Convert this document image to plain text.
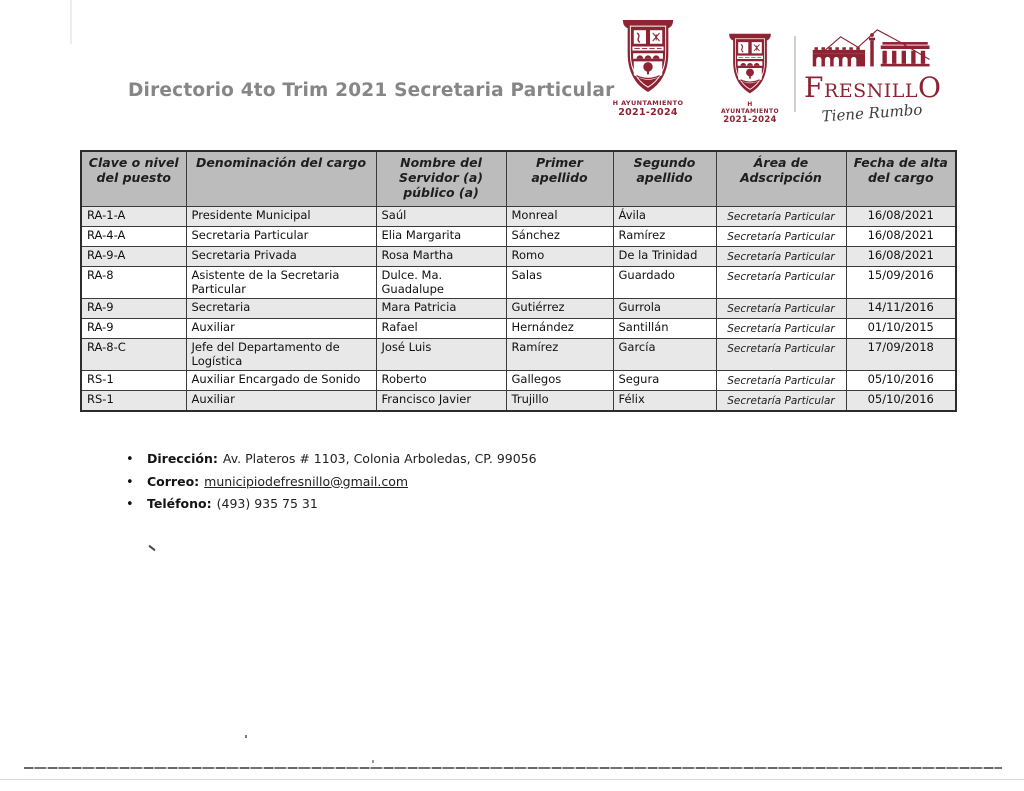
Directorio 4to Trim 2021 Secretaria Particular
H AYUNTAMIENTO
2021-2024
H AYUNTAMIENTO
2021-2024
FRESNILLO
Tiene Rumbo
Clave o nivel del puesto	Denominación del cargo	Nombre del Servidor (a) público (a)	Primer apellido	Segundo apellido	Área de Adscripción	Fecha de alta del cargo
RA-1-A	Presidente Municipal	Saúl	Monreal	Ávila	Secretaría Particular	16/08/2021
RA-4-A	Secretaria Particular	Elia Margarita	Sánchez	Ramírez	Secretaría Particular	16/08/2021
RA-9-A	Secretaria Privada	Rosa Martha	Romo	De la Trinidad	Secretaría Particular	16/08/2021
RA-8	Asistente de la Secretaria Particular	Dulce. Ma. Guadalupe	Salas	Guardado	Secretaría Particular	15/09/2016
RA-9	Secretaria	Mara Patricia	Gutiérrez	Gurrola	Secretaría Particular	14/11/2016
RA-9	Auxiliar	Rafael	Hernández	Santillán	Secretaría Particular	01/10/2015
RA-8-C	Jefe del Departamento de Logística	José Luis	Ramírez	García	Secretaría Particular	17/09/2018
RS-1	Auxiliar Encargado de Sonido	Roberto	Gallegos	Segura	Secretaría Particular	05/10/2016
RS-1	Auxiliar	Francisco Javier	Trujillo	Félix	Secretaría Particular	05/10/2016
•	Dirección: Av. Plateros # 1103, Colonia Arboledas, CP. 99056
•	Correo: municipiodefresnillo@gmail.com
•	Teléfono: (493) 935 75 31
